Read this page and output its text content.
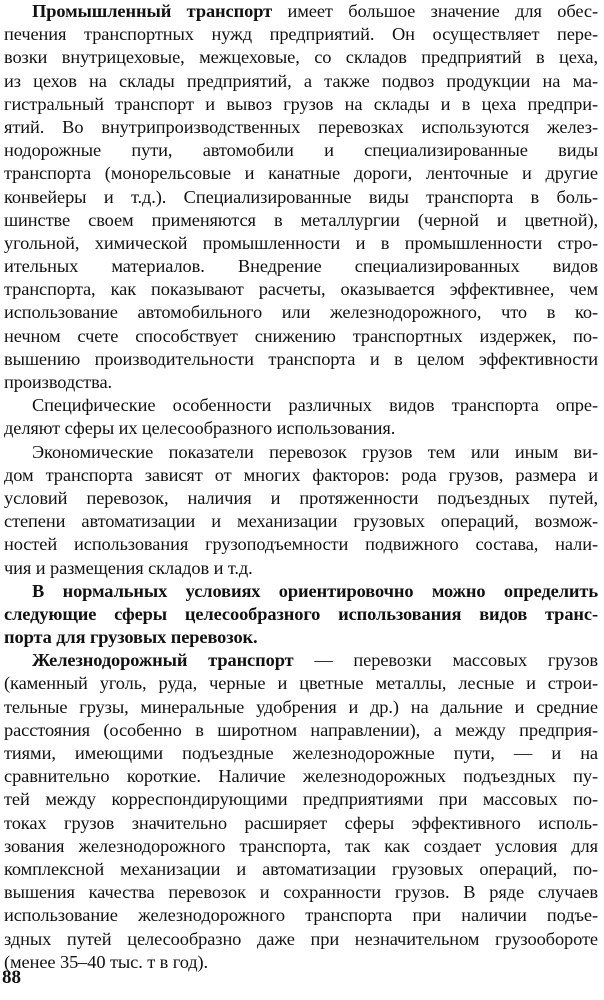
Промышленный транспорт имеет большое значение для обес-
печения транспортных нужд предприятий. Он осуществляет пере-
возки внутрицеховые, межцеховые, со складов предприятий в цеха,
из цехов на склады предприятий, а также подвоз продукции на ма-
гистральный транспорт и вывоз грузов на склады и в цеха предпри-
ятий. Во внутрипроизводственных перевозках используются желез-
нодорожные пути, автомобили и специализированные виды
транспорта (монорельсовые и канатные дороги, ленточные и другие
конвейеры и т.д.). Специализированные виды транспорта в боль-
шинстве своем применяются в металлургии (черной и цветной),
угольной, химической промышленности и в промышленности стро-
ительных материалов. Внедрение специализированных видов
транспорта, как показывают расчеты, оказывается эффективнее, чем
использование автомобильного или железнодорожного, что в ко-
нечном счете способствует снижению транспортных издержек, по-
вышению производительности транспорта и в целом эффективности
производства.
Специфические особенности различных видов транспорта опре-
деляют сферы их целесообразного использования.
Экономические показатели перевозок грузов тем или иным ви-
дом транспорта зависят от многих факторов: рода грузов, размера и
условий перевозок, наличия и протяженности подъездных путей,
степени автоматизации и механизации грузовых операций, возмож-
ностей использования грузоподъемности подвижного состава, нали-
чия и размещения складов и т.д.
В нормальных условиях ориентировочно можно определить
следующие сферы целесообразного использования видов транс-
порта для грузовых перевозок.
Железнодорожный транспорт — перевозки массовых грузов
(каменный уголь, руда, черные и цветные металлы, лесные и строи-
тельные грузы, минеральные удобрения и др.) на дальние и средние
расстояния (особенно в широтном направлении), а между предприя-
тиями, имеющими подъездные железнодорожные пути, — и на
сравнительно короткие. Наличие железнодорожных подъездных пу-
тей между корреспондирующими предприятиями при массовых по-
токах грузов значительно расширяет сферы эффективного исполь-
зования железнодорожного транспорта, так как создает условия для
комплексной механизации и автоматизации грузовых операций, по-
вышения качества перевозок и сохранности грузов. В ряде случаев
использование железнодорожного транспорта при наличии подъе-
здных путей целесообразно даже при незначительном грузообороте
(менее 35–40 тыс. т в год).
88
